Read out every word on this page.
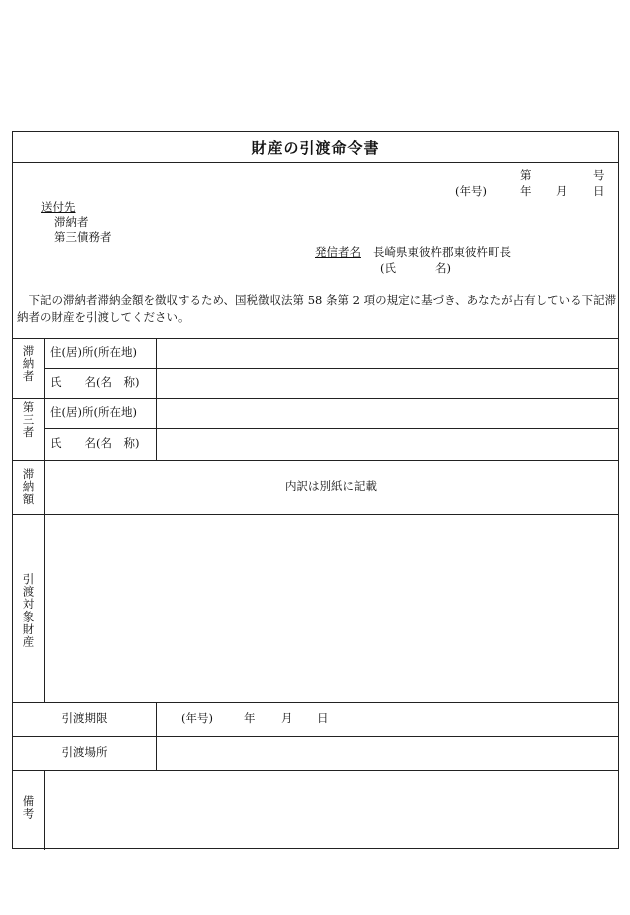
財産の引渡命令書
第	号
(年号)	年 月 日
送付先
滞納者
第三債務者
発信者名 長崎県東彼杵郡東彼杵町長
(氏	名)
下記の滞納者滞納金額を徴収するため、国税徴収法第 58 条第 2 項の規定に基づき、あなたが占有している下記滞納者の財産を引渡してください。
滞納者 住(居)所(所在地)
氏　　名(名　称)
第三者 住(居)所(所在地)
氏　　名(名　称)
滞納額	内訳は別紙に記載
引渡対象財産
引渡期限	(年号)	年 月 日
引渡場所
備考
